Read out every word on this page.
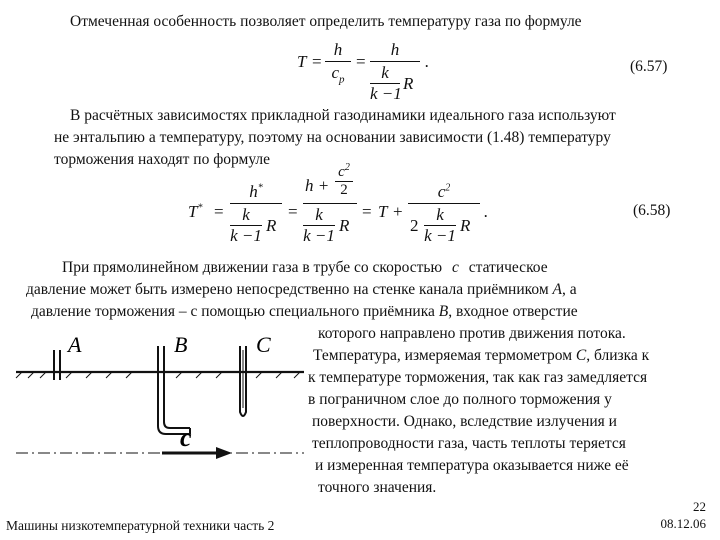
Отмеченная особенность позволяет определить температуру газа по формуле
T =
h
$c_p$
=
h
k
k −1
R
.	(6.57)
В расчётных зависимостях прикладной газодинамики идеального газа используют
не энтальпию а температуру, поэтому на основании зависимости (1.48) температуру
торможения находят по формуле
T* =
h*
k
k −1
R
=
h +
$c^2$
2
k
k −1
R
= T +
$c^2$
2
k
k −1
R
.	(6.58)
При прямолинейном движении газа в трубе со скоростью c статическое
давление может быть измерено непосредственно на стенке канала приёмником A, а
давление торможения – с помощью специального приёмника B, входное отверстие
которого направлено против движения потока.
Температура, измеряемая термометром C, близка к
к температуре торможения, так как газ замедляется
в пограничном слое до полного торможения у
поверхности. Однако, вследствие излучения и
теплопроводности газа, часть теплоты теряется
и измеренная температура оказывается ниже её
точного значения.
A	B	C
c
Машины низкотемпературной техники часть 2
22
08.12.06
